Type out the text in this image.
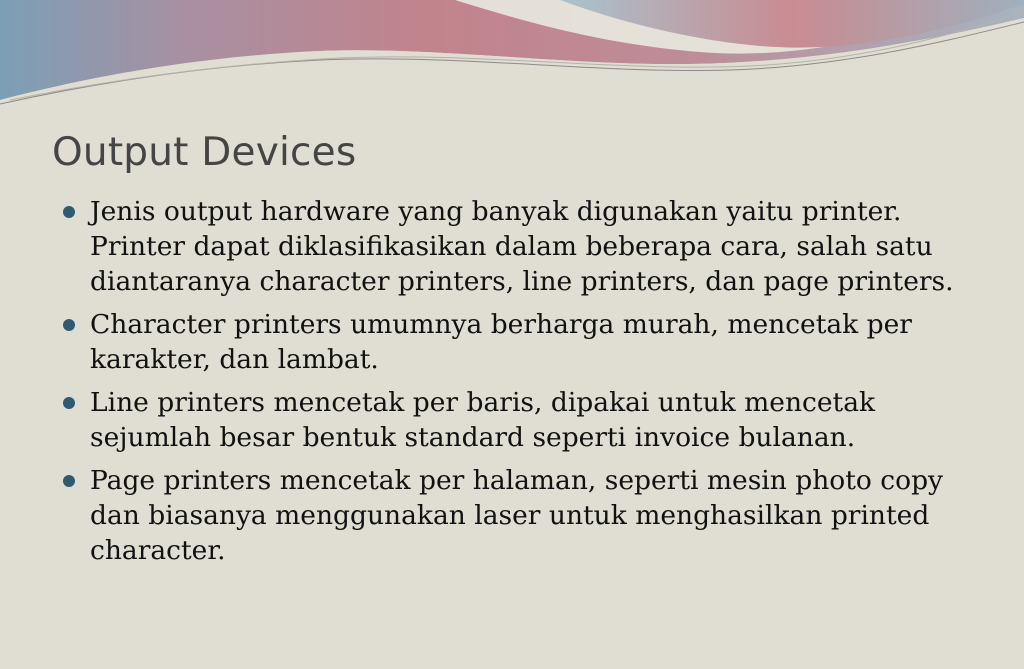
Output Devices
Jenis output hardware yang banyak digunakan yaitu printer. Printer dapat diklasifikasikan dalam beberapa cara, salah satu diantaranya character printers, line printers, dan page printers.
Character printers umumnya berharga murah, mencetak per karakter, dan lambat.
Line printers mencetak per baris, dipakai untuk mencetak sejumlah besar bentuk standard seperti invoice bulanan.
Page printers mencetak per halaman, seperti mesin photo copy dan biasanya menggunakan laser untuk menghasilkan printed character.
